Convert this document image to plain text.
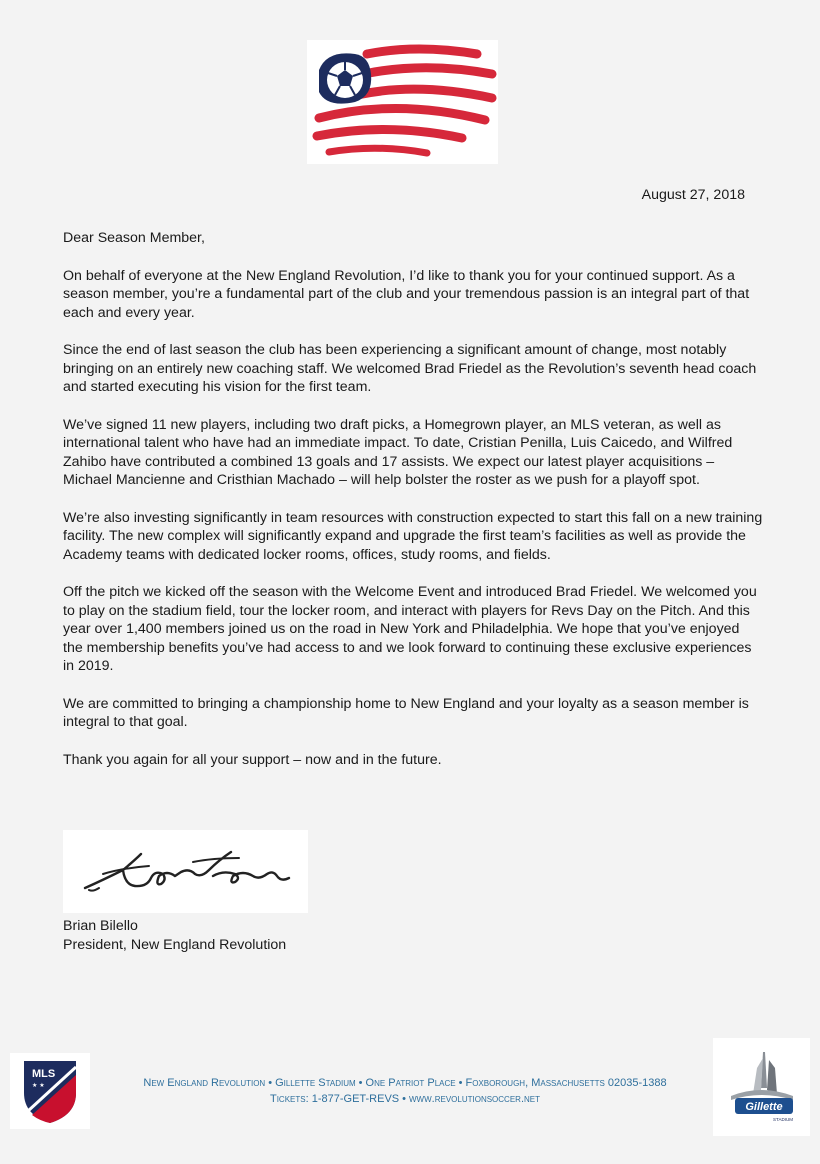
August 27, 2018

Dear Season Member,

On behalf of everyone at the New England Revolution, I’d like to thank you for your continued support. As a season member, you’re a fundamental part of the club and your tremendous passion is an integral part of that each and every year.

Since the end of last season the club has been experiencing a significant amount of change, most notably bringing on an entirely new coaching staff. We welcomed Brad Friedel as the Revolution’s seventh head coach and started executing his vision for the first team.

We’ve signed 11 new players, including two draft picks, a Homegrown player, an MLS veteran, as well as international talent who have had an immediate impact. To date, Cristian Penilla, Luis Caicedo, and Wilfred Zahibo have contributed a combined 13 goals and 17 assists. We expect our latest player acquisitions – Michael Mancienne and Cristhian Machado – will help bolster the roster as we push for a playoff spot.

We’re also investing significantly in team resources with construction expected to start this fall on a new training facility. The new complex will significantly expand and upgrade the first team’s facilities as well as provide the Academy teams with dedicated locker rooms, offices, study rooms, and fields.

Off the pitch we kicked off the season with the Welcome Event and introduced Brad Friedel. We welcomed you to play on the stadium field, tour the locker room, and interact with players for Revs Day on the Pitch. And this year over 1,400 members joined us on the road in New York and Philadelphia. We hope that you’ve enjoyed the membership benefits you’ve had access to and we look forward to continuing these exclusive experiences in 2019.

We are committed to bringing a championship home to New England and your loyalty as a season member is integral to that goal.

Thank you again for all your support – now and in the future.

Brian Bilello
President, New England Revolution
MLS
★ ★	New England Revolution • Gillette Stadium • One Patriot Place • Foxborough, Massachusetts 02035-1388
Tickets: 1-877-GET-REVS • www.revolutionsoccer.net
Gillette
STADIUM
